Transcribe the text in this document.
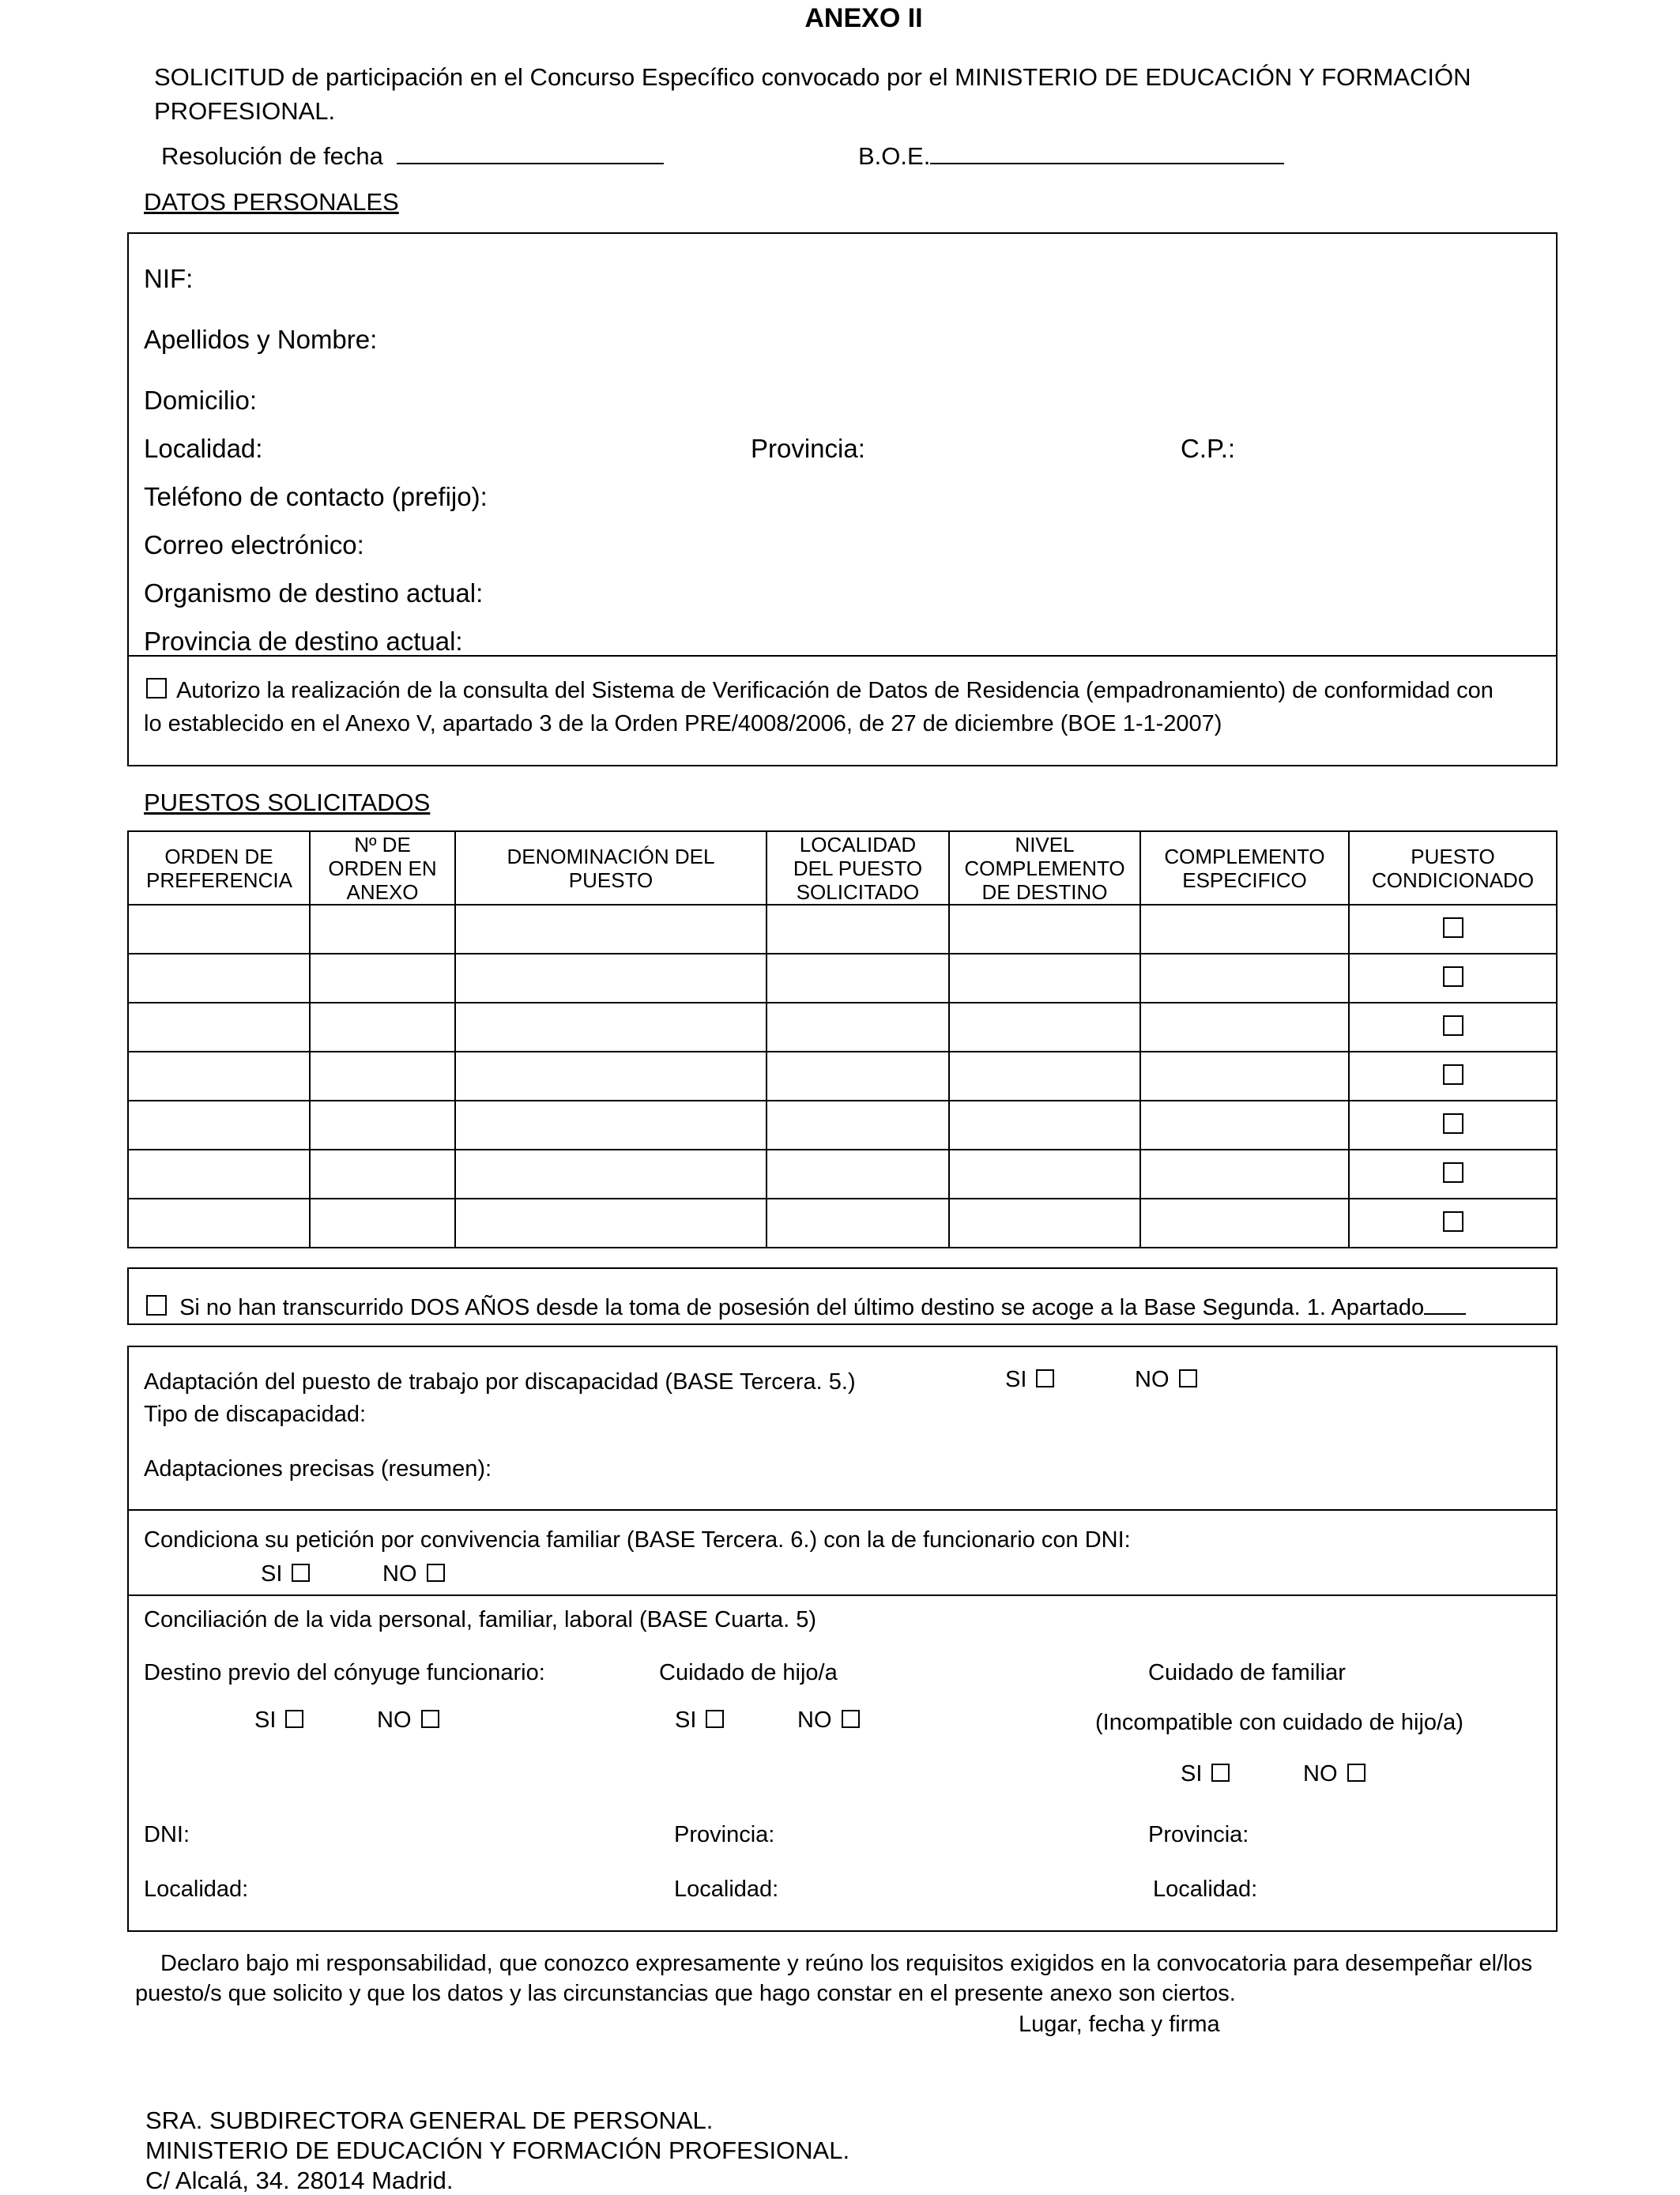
ANEXO II
SOLICITUD de participación en el Concurso Específico convocado por el MINISTERIO DE EDUCACIÓN Y FORMACIÓN PROFESIONAL.
Resolución de fecha	B.O.E.
DATOS PERSONALES
NIF:
Apellidos y Nombre:
Domicilio:
Localidad:	Provincia:	C.P.:
Teléfono de contacto (prefijo):
Correo electrónico:
Organismo de destino actual:
Provincia de destino actual:
Autorizo la realización de la consulta del Sistema de Verificación de Datos de Residencia (empadronamiento) de conformidad con
lo establecido en el Anexo V, apartado 3 de la Orden PRE/4008/2006, de 27 de diciembre (BOE 1-1-2007)
PUESTOS SOLICITADOS
ORDEN DE PREFERENCIA	Nº DE ORDEN EN ANEXO	DENOMINACIÓN DEL PUESTO	LOCALIDAD DEL PUESTO SOLICITADO	NIVEL COMPLEMENTO DE DESTINO	COMPLEMENTO ESPECIFICO	PUESTO CONDICIONADO

Si no han transcurrido DOS AÑOS desde la toma de posesión del último destino se acoge a la Base Segunda. 1. Apartado
Adaptación del puesto de trabajo por discapacidad (BASE Tercera. 5.)	SI	NO
Tipo de discapacidad:
Adaptaciones precisas (resumen):
Condiciona su petición por convivencia familiar (BASE Tercera. 6.) con la de funcionario con DNI:
SI	NO
Conciliación de la vida personal, familiar, laboral (BASE Cuarta. 5)
Destino previo del cónyuge funcionario:	Cuidado de hijo/a	Cuidado de familiar
SI	NO	SI	NO	(Incompatible con cuidado de hijo/a)
SI	NO
DNI:	Provincia:	Provincia:
Localidad:	Localidad:	Localidad:
Declaro bajo mi responsabilidad, que conozco expresamente y reúno los requisitos exigidos en la convocatoria para desempeñar el/los
puesto/s que solicito y que los datos y las circunstancias que hago constar en el presente anexo son ciertos.
Lugar, fecha y firma
SRA. SUBDIRECTORA GENERAL DE PERSONAL.
MINISTERIO DE EDUCACIÓN Y FORMACIÓN PROFESIONAL.
C/ Alcalá, 34. 28014 Madrid.
